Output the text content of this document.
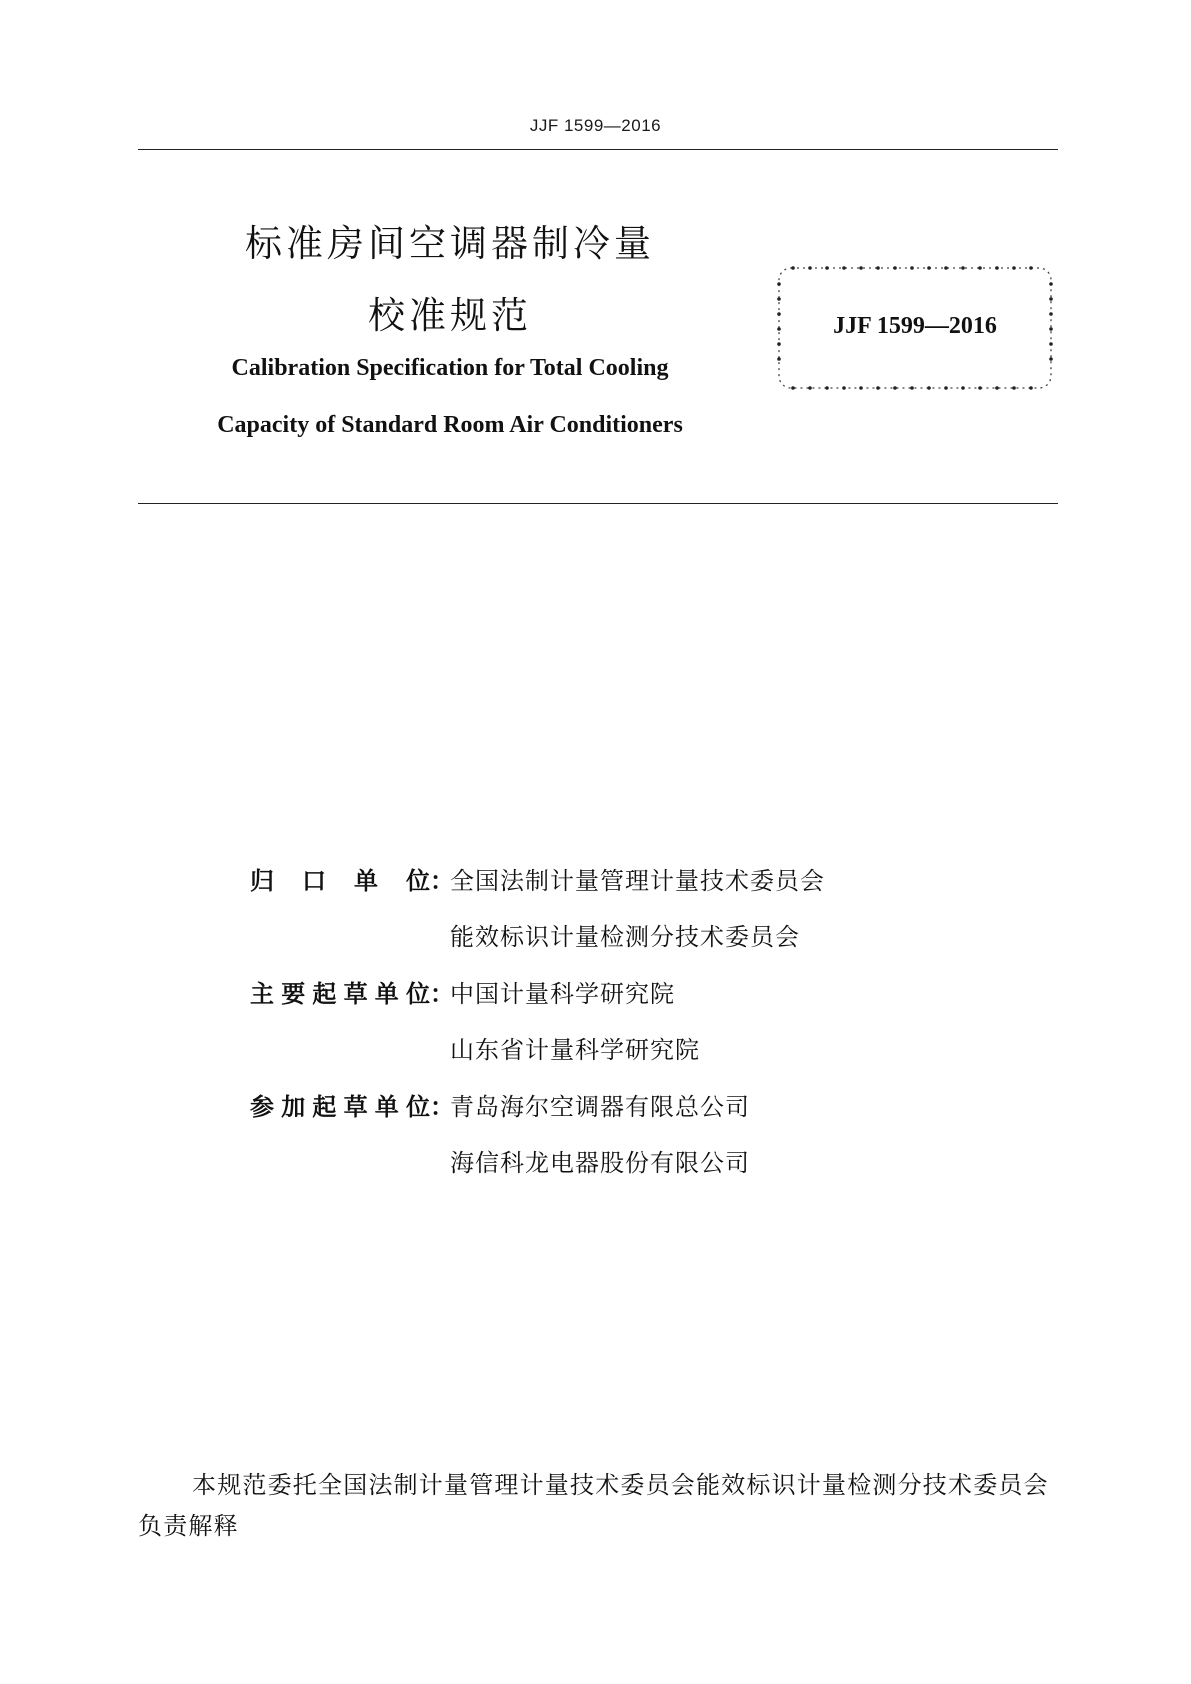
JJF 1599—2016
标准房间空调器制冷量
校准规范
Calibration Specification for Total Cooling
Capacity of Standard Room Air Conditioners
JJF 1599—2016
归口单位 ：
全国法制计量管理计量技术委员会
能效标识计量检测分技术委员会
主要起草单位 ：
中国计量科学研究院
山东省计量科学研究院
参加起草单位 ：
青岛海尔空调器有限总公司
海信科龙电器股份有限公司
本规范委托全国法制计量管理计量技术委员会能效标识计量检测分技术委员会负责解释
